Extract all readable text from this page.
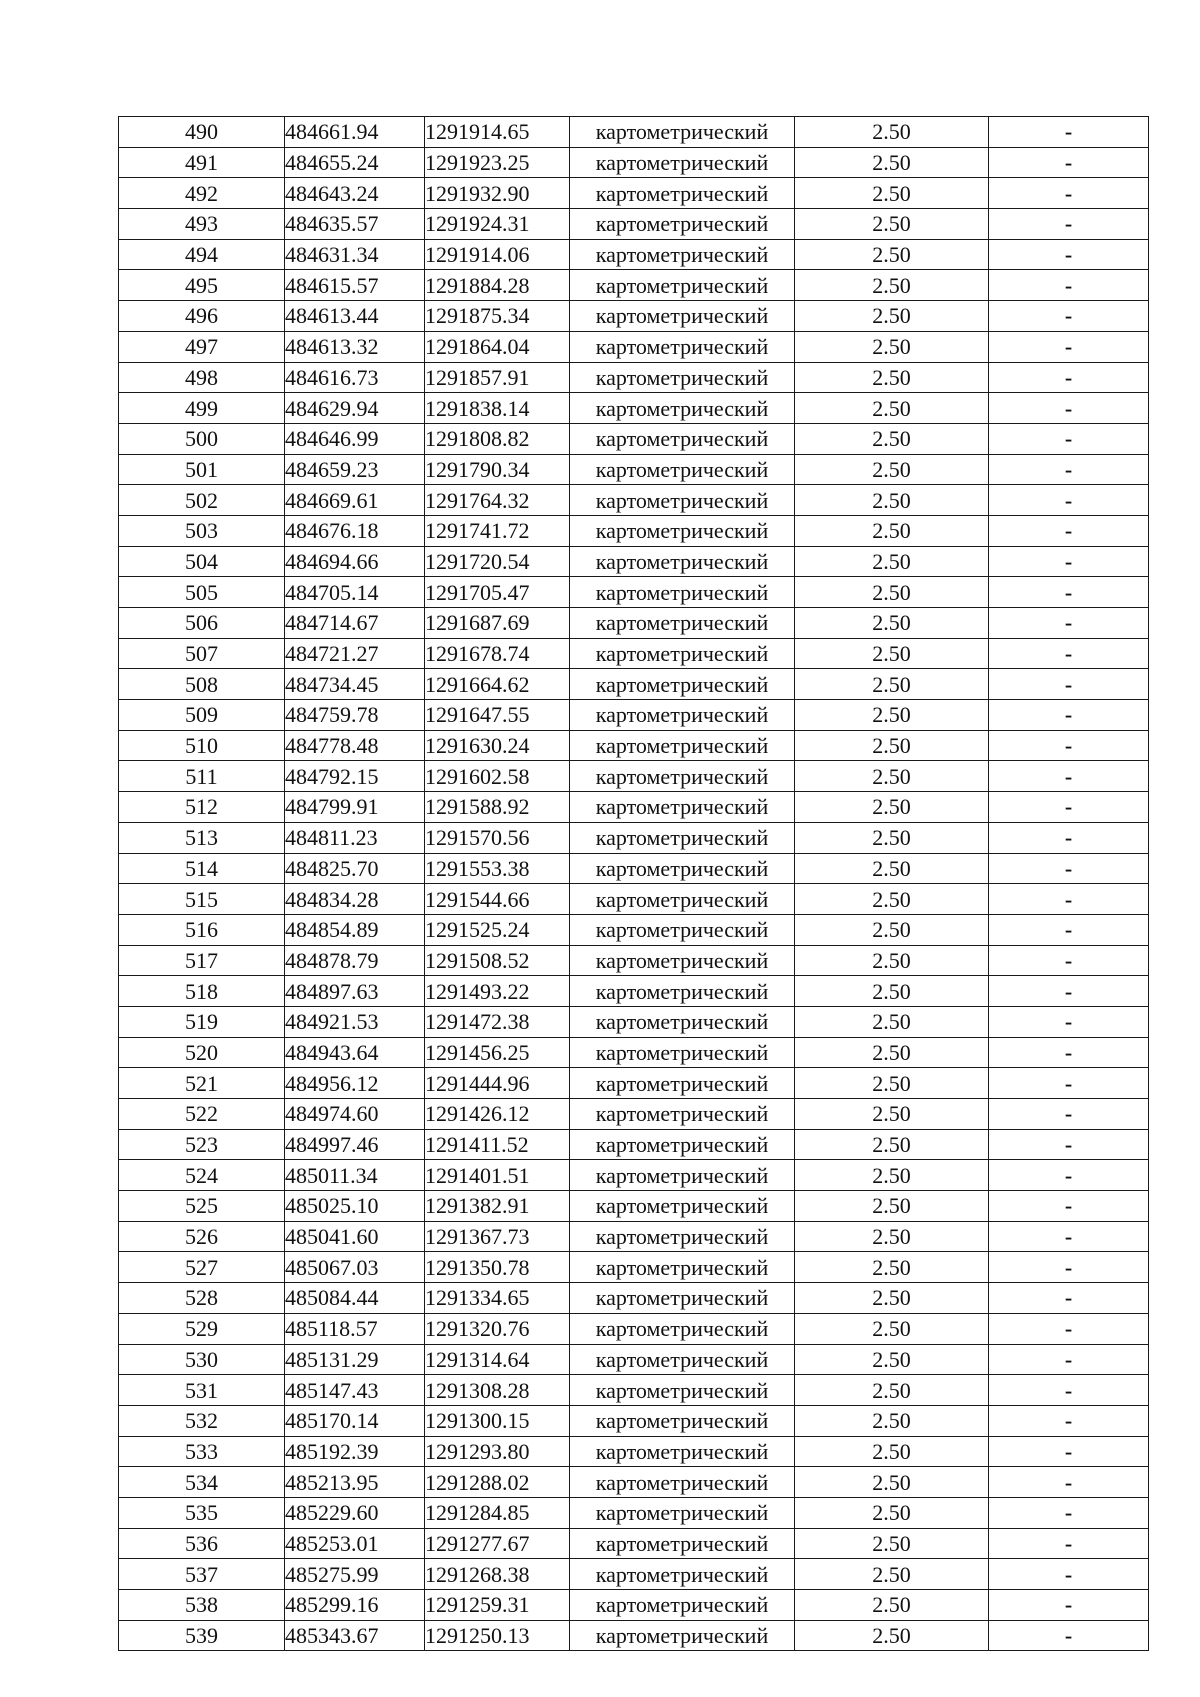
490	484661.94	1291914.65	картометрический	2.50	-
491	484655.24	1291923.25	картометрический	2.50	-
492	484643.24	1291932.90	картометрический	2.50	-
493	484635.57	1291924.31	картометрический	2.50	-
494	484631.34	1291914.06	картометрический	2.50	-
495	484615.57	1291884.28	картометрический	2.50	-
496	484613.44	1291875.34	картометрический	2.50	-
497	484613.32	1291864.04	картометрический	2.50	-
498	484616.73	1291857.91	картометрический	2.50	-
499	484629.94	1291838.14	картометрический	2.50	-
500	484646.99	1291808.82	картометрический	2.50	-
501	484659.23	1291790.34	картометрический	2.50	-
502	484669.61	1291764.32	картометрический	2.50	-
503	484676.18	1291741.72	картометрический	2.50	-
504	484694.66	1291720.54	картометрический	2.50	-
505	484705.14	1291705.47	картометрический	2.50	-
506	484714.67	1291687.69	картометрический	2.50	-
507	484721.27	1291678.74	картометрический	2.50	-
508	484734.45	1291664.62	картометрический	2.50	-
509	484759.78	1291647.55	картометрический	2.50	-
510	484778.48	1291630.24	картометрический	2.50	-
511	484792.15	1291602.58	картометрический	2.50	-
512	484799.91	1291588.92	картометрический	2.50	-
513	484811.23	1291570.56	картометрический	2.50	-
514	484825.70	1291553.38	картометрический	2.50	-
515	484834.28	1291544.66	картометрический	2.50	-
516	484854.89	1291525.24	картометрический	2.50	-
517	484878.79	1291508.52	картометрический	2.50	-
518	484897.63	1291493.22	картометрический	2.50	-
519	484921.53	1291472.38	картометрический	2.50	-
520	484943.64	1291456.25	картометрический	2.50	-
521	484956.12	1291444.96	картометрический	2.50	-
522	484974.60	1291426.12	картометрический	2.50	-
523	484997.46	1291411.52	картометрический	2.50	-
524	485011.34	1291401.51	картометрический	2.50	-
525	485025.10	1291382.91	картометрический	2.50	-
526	485041.60	1291367.73	картометрический	2.50	-
527	485067.03	1291350.78	картометрический	2.50	-
528	485084.44	1291334.65	картометрический	2.50	-
529	485118.57	1291320.76	картометрический	2.50	-
530	485131.29	1291314.64	картометрический	2.50	-
531	485147.43	1291308.28	картометрический	2.50	-
532	485170.14	1291300.15	картометрический	2.50	-
533	485192.39	1291293.80	картометрический	2.50	-
534	485213.95	1291288.02	картометрический	2.50	-
535	485229.60	1291284.85	картометрический	2.50	-
536	485253.01	1291277.67	картометрический	2.50	-
537	485275.99	1291268.38	картометрический	2.50	-
538	485299.16	1291259.31	картометрический	2.50	-
539	485343.67	1291250.13	картометрический	2.50	-
